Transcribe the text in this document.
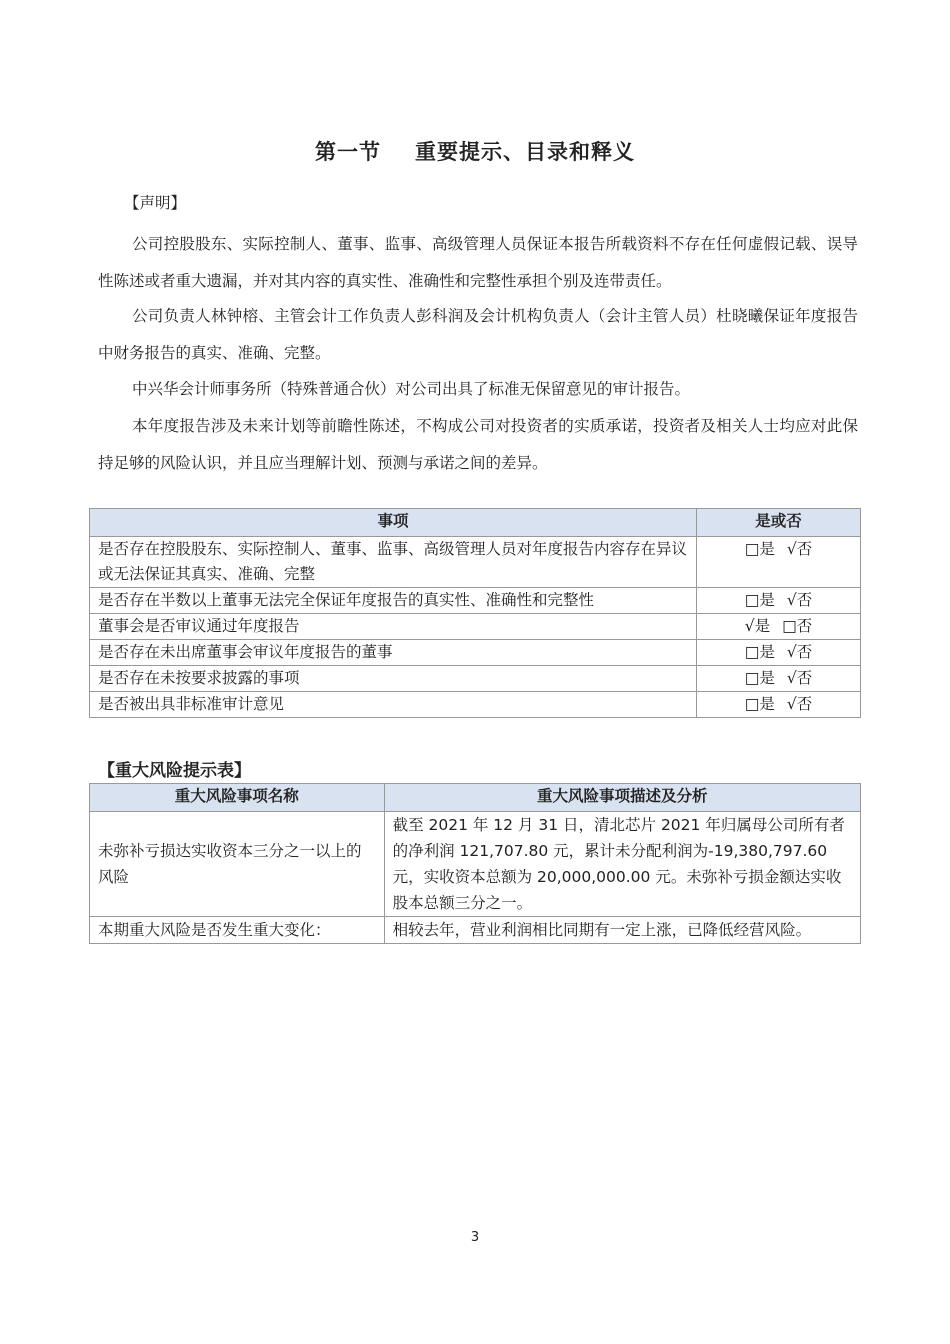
第一节 重要提示、目录和释义
【声明】

公司控股股东、实际控制人、董事、监事、高级管理人员保证本报告所载资料不存在任何虚假记载、误导性陈述或者重大遗漏，并对其内容的真实性、准确性和完整性承担个别及连带责任。

公司负责人林钟榕、主管会计工作负责人彭科润及会计机构负责人（会计主管人员）杜晓曦保证年度报告中财务报告的真实、准确、完整。

中兴华会计师事务所（特殊普通合伙）对公司出具了标准无保留意见的审计报告。

本年度报告涉及未来计划等前瞻性陈述，不构成公司对投资者的实质承诺，投资者及相关人士均应对此保持足够的风险认识，并且应当理解计划、预测与承诺之间的差异。

事项	是或否
是否存在控股股东、实际控制人、董事、监事、高级管理人员对年度报告内容存在异议或无法保证其真实、准确、完整	□是 √否
是否存在半数以上董事无法完全保证年度报告的真实性、准确性和完整性	□是 √否
董事会是否审议通过年度报告	√是 □否
是否存在未出席董事会审议年度报告的董事	□是 √否
是否存在未按要求披露的事项	□是 √否
是否被出具非标准审计意见	□是 √否
【重大风险提示表】
重大风险事项名称	重大风险事项描述及分析
未弥补亏损达实收资本三分之一以上的风险	截至 2021 年 12 月 31 日，清北芯片 2021 年归属母公司所有者的净利润 121,707.80 元，累计未分配利润为-19,380,797.60 元，实收资本总额为 20,000,000.00 元。未弥补亏损金额达实收股本总额三分之一。
本期重大风险是否发生重大变化：	相较去年，营业利润相比同期有一定上涨，已降低经营风险。
3
